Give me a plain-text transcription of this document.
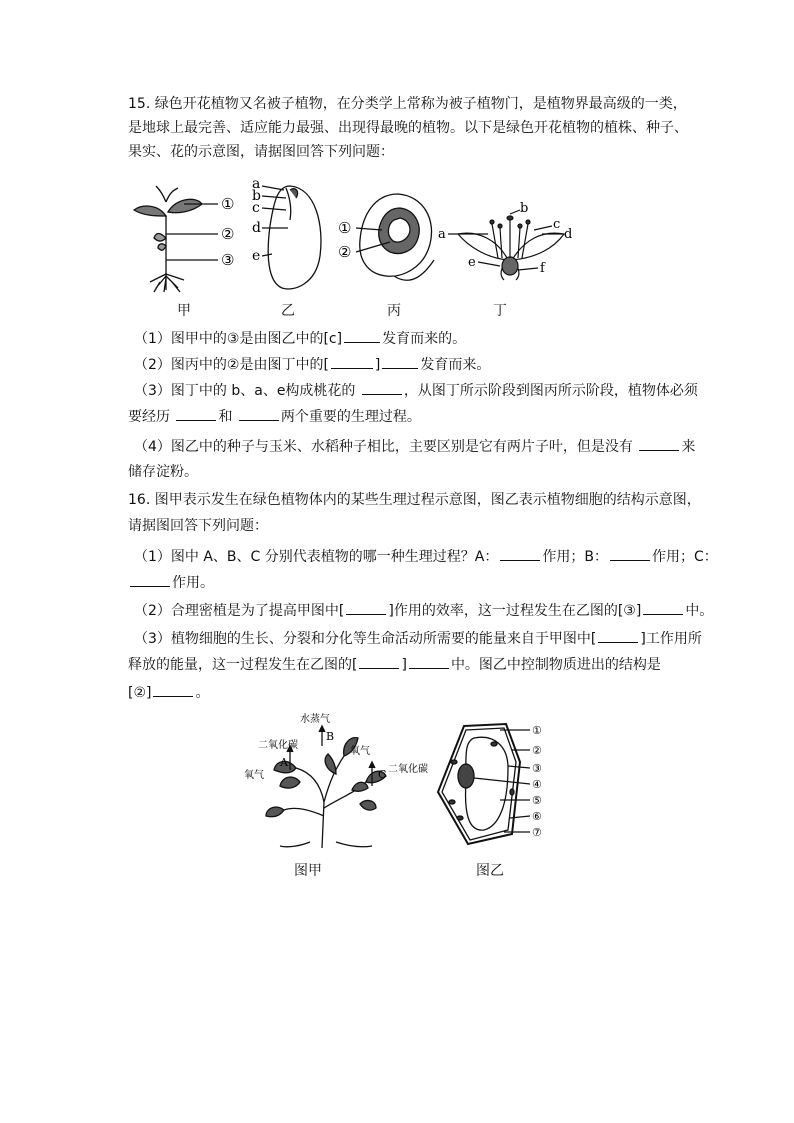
15. 绿色开花植物又名被子植物，在分类学上常称为被子植物门，是植物界最高级的一类，是地球上最完善、适应能力最强、出现得最晚的植物。以下是绿色开花植物的植株、种子、果实、花的示意图，请据图回答下列问题：

①
②
③
a
b
c
d
e
①
②
a
b
c
d
e	f
甲	乙	丙	丁

（1）图甲中的③是由图乙中的[c]	发育而来的。

（2）图丙中的②是由图丁中的[	]	发育而来。

（3）图丁中的 b、a、e构成桃花的	，从图丁所示阶段到图丙所示阶段，植物体必须

要经历	和	两个重要的生理过程。

（4）图乙中的种子与玉米、水稻种子相比，主要区别是它有两片子叶，但是没有	来

储存淀粉。

16. 图甲表示发生在绿色植物体内的某些生理过程示意图，图乙表示植物细胞的结构示意图，

请据图回答下列问题：

（1）图中 A、B、C 分别代表植物的哪一种生理过程？A：	作用；B：	作用；C：

作用。

（2）合理密植是为了提高甲图中[	]作用的效率，这一过程发生在乙图的[③]	中。

（3）植物细胞的生长、分裂和分化等生命活动所需要的能量来自于甲图中[	]工作用所

释放的能量，这一过程发生在乙图的[	]	中。图乙中控制物质进出的结构是

[②]	。

水蒸气
B
二氧化碳
氧气
A
氧气
C 二氧化碳
①
②
③
④
⑤
⑥
⑦
图甲	图乙
